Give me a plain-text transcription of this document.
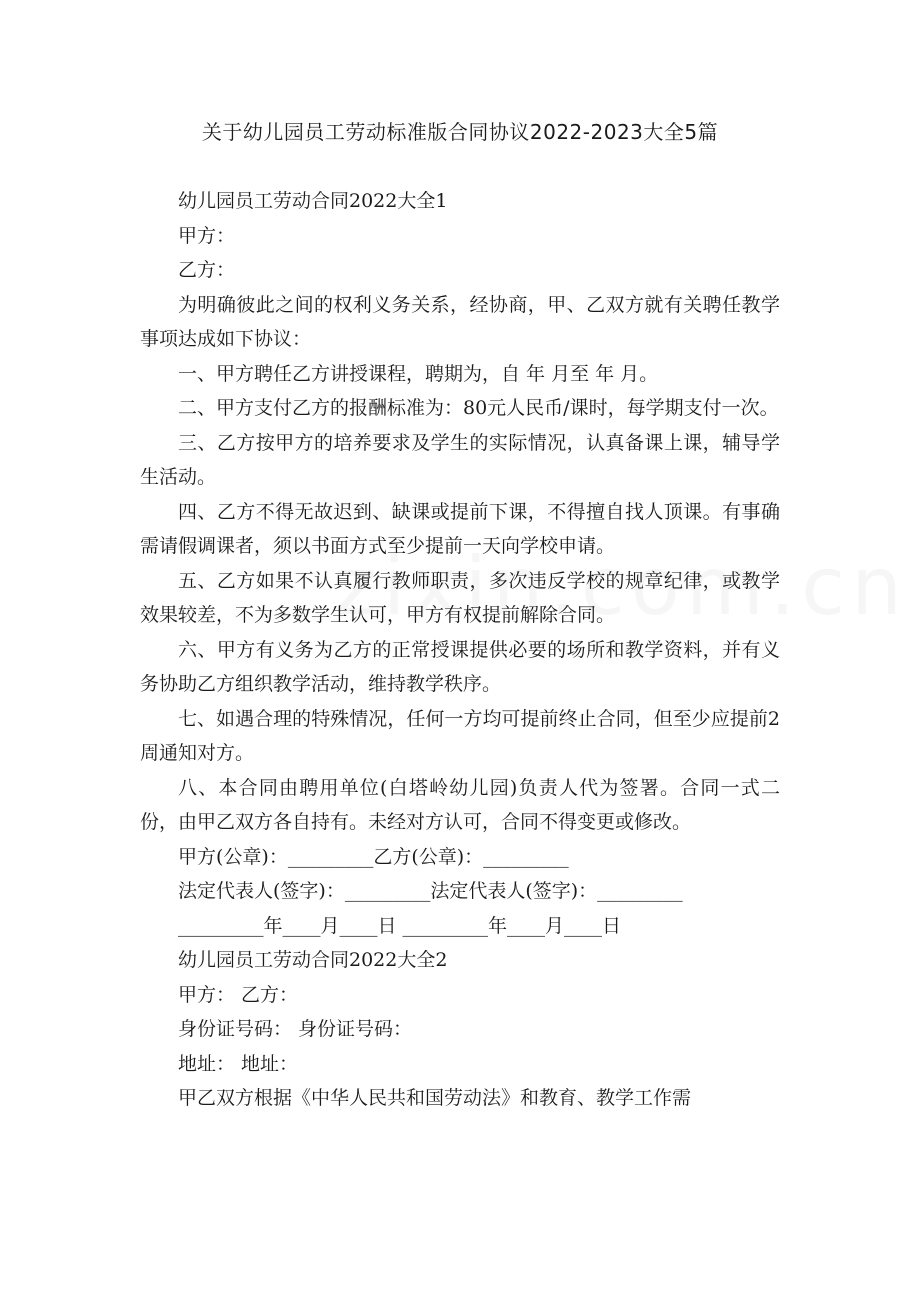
关于幼儿园员工劳动标准版合同协议2022-2023大全5篇

幼儿园员工劳动合同2022大全1

甲方：

乙方：

为明确彼此之间的权利义务关系，经协商，甲、乙双方就有关聘任教学事项达成如下协议：

一、甲方聘任乙方讲授课程，聘期为，自 年 月至 年 月。

二、甲方支付乙方的报酬标准为：80元人民币/课时，每学期支付一次。

三、乙方按甲方的培养要求及学生的实际情况，认真备课上课，辅导学生活动。

四、乙方不得无故迟到、缺课或提前下课，不得擅自找人顶课。有事确需请假调课者，须以书面方式至少提前一天向学校申请。

五、乙方如果不认真履行教师职责，多次违反学校的规章纪律，或教学效果较差，不为多数学生认可，甲方有权提前解除合同。

六、甲方有义务为乙方的正常授课提供必要的场所和教学资料，并有义务协助乙方组织教学活动，维持教学秩序。

七、如遇合理的特殊情况，任何一方均可提前终止合同，但至少应提前2周通知对方。

八、本合同由聘用单位(白塔岭幼儿园)负责人代为签署。合同一式二份，由甲乙双方各自持有。未经对方认可，合同不得变更或修改。

甲方(公章)：_________乙方(公章)：_________

法定代表人(签字)：_________法定代表人(签字)：_________

_________年____月____日 _________年____月____日

幼儿园员工劳动合同2022大全2

甲方： 乙方：

身份证号码： 身份证号码：

地址： 地址：

甲乙双方根据《中华人民共和国劳动法》和教育、教学工作需
